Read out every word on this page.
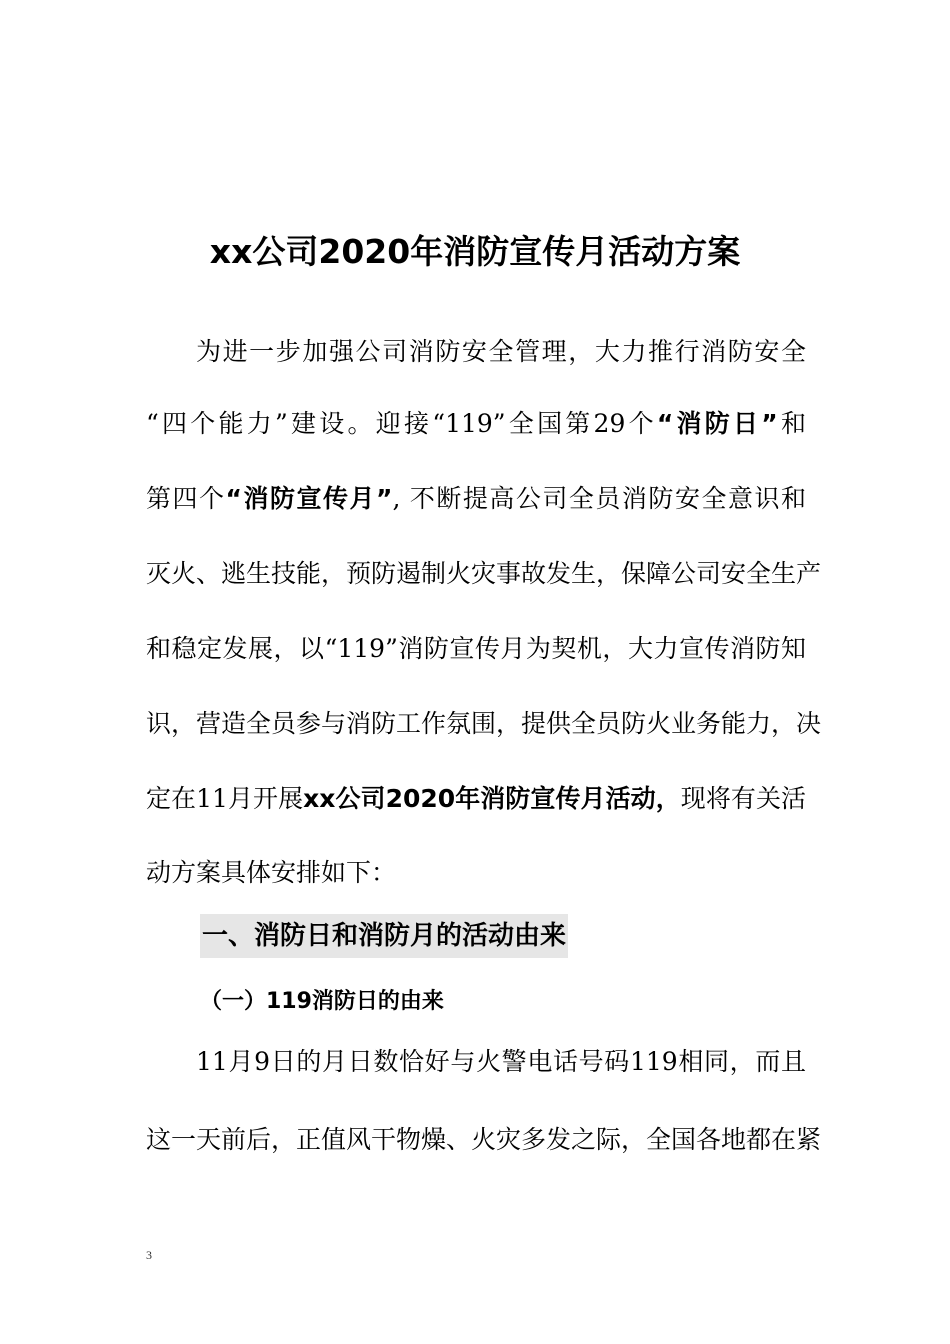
xx公司2020年消防宣传月活动方案

为进一步加强公司消防安全管理，大力推行消防安全

“四个能力”建设。迎接“119”全国第29个“消防日”和

第四个“消防宣传月”, 不断提高公司全员消防安全意识和

灭火、逃生技能，预防遏制火灾事故发生，保障公司安全生产

和稳定发展，以“119”消防宣传月为契机，大力宣传消防知

识，营造全员参与消防工作氛围，提供全员防火业务能力，决

定在11月开展xx公司2020年消防宣传月活动，现将有关活

动方案具体安排如下：

一、消防日和消防月的活动由来
（一）119消防日的由来

11月9日的月日数恰好与火警电话号码119相同，而且

这一天前后，正值风干物燥、火灾多发之际，全国各地都在紧

3
